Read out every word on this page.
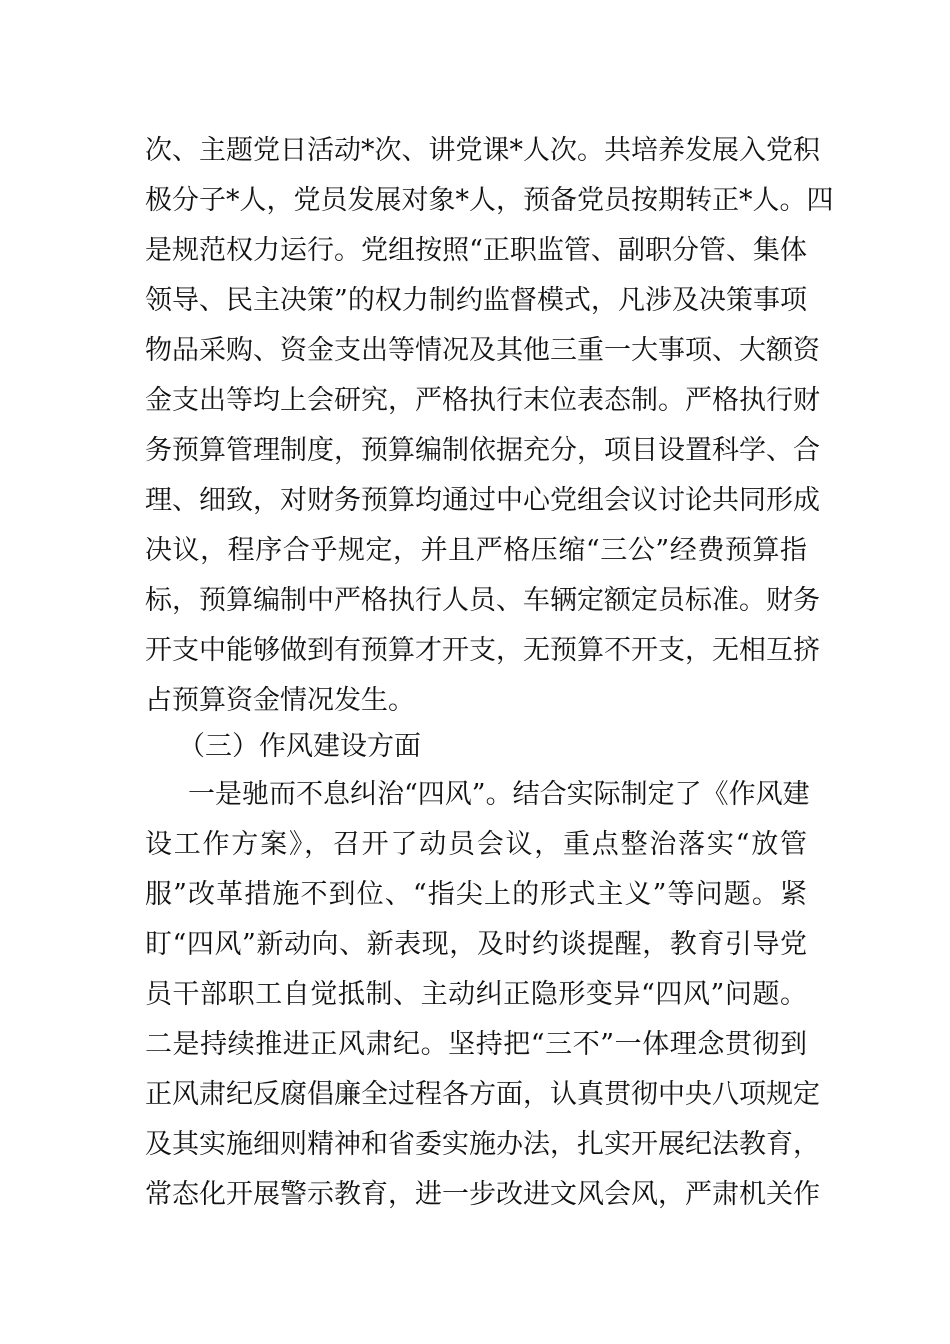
次、主题党日活动*次、讲党课*人次。共培养发展入党积
极分子*人，党员发展对象*人，预备党员按期转正*人。四
是规范权力运行。党组按照“正职监管、副职分管、集体
领导、民主决策”的权力制约监督模式，凡涉及决策事项
物品采购、资金支出等情况及其他三重一大事项、大额资
金支出等均上会研究，严格执行末位表态制。严格执行财
务预算管理制度，预算编制依据充分，项目设置科学、合
理、细致，对财务预算均通过中心党组会议讨论共同形成
决议，程序合乎规定，并且严格压缩“三公”经费预算指
标，预算编制中严格执行人员、车辆定额定员标准。财务
开支中能够做到有预算才开支，无预算不开支，无相互挤
占预算资金情况发生。
（三）作风建设方面
一是驰而不息纠治“四风”。结合实际制定了《作风建
设工作方案》，召开了动员会议，重点整治落实“放管
服”改革措施不到位、“指尖上的形式主义”等问题。紧
盯“四风”新动向、新表现，及时约谈提醒，教育引导党
员干部职工自觉抵制、主动纠正隐形变异“四风”问题。
二是持续推进正风肃纪。坚持把“三不”一体理念贯彻到
正风肃纪反腐倡廉全过程各方面，认真贯彻中央八项规定
及其实施细则精神和省委实施办法，扎实开展纪法教育，
常态化开展警示教育，进一步改进文风会风，严肃机关作
